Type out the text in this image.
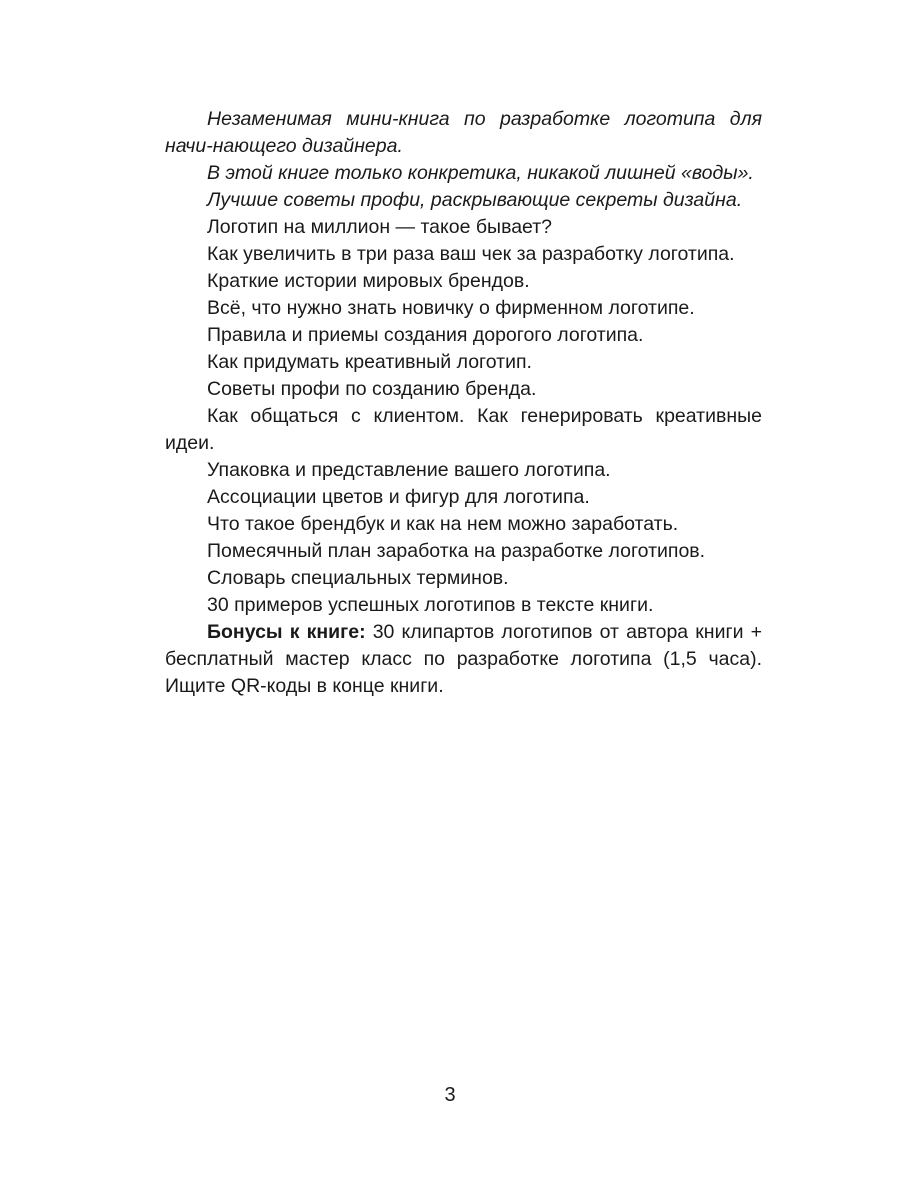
Незаменимая мини-книга по разработке логотипа для начи-нающего дизайнера.

В этой книге только конкретика, никакой лишней «воды».

Лучшие советы профи, раскрывающие секреты дизайна.

Логотип на миллион — такое бывает?

Как увеличить в три раза ваш чек за разработку логотипа.

Краткие истории мировых брендов.

Всё, что нужно знать новичку о фирменном логотипе.

Правила и приемы создания дорогого логотипа.

Как придумать креативный логотип.

Советы профи по созданию бренда.

Как общаться с клиентом. Как генерировать креативные идеи.

Упаковка и представление вашего логотипа.

Ассоциации цветов и фигур для логотипа.

Что такое брендбук и как на нем можно заработать.

Помесячный план заработка на разработке логотипов.

Словарь специальных терминов.

30 примеров успешных логотипов в тексте книги.

Бонусы к книге: 30 клипартов логотипов от автора книги + бесплатный мастер класс по разработке логотипа (1,5 часа). Ищите QR-коды в конце книги.

3
